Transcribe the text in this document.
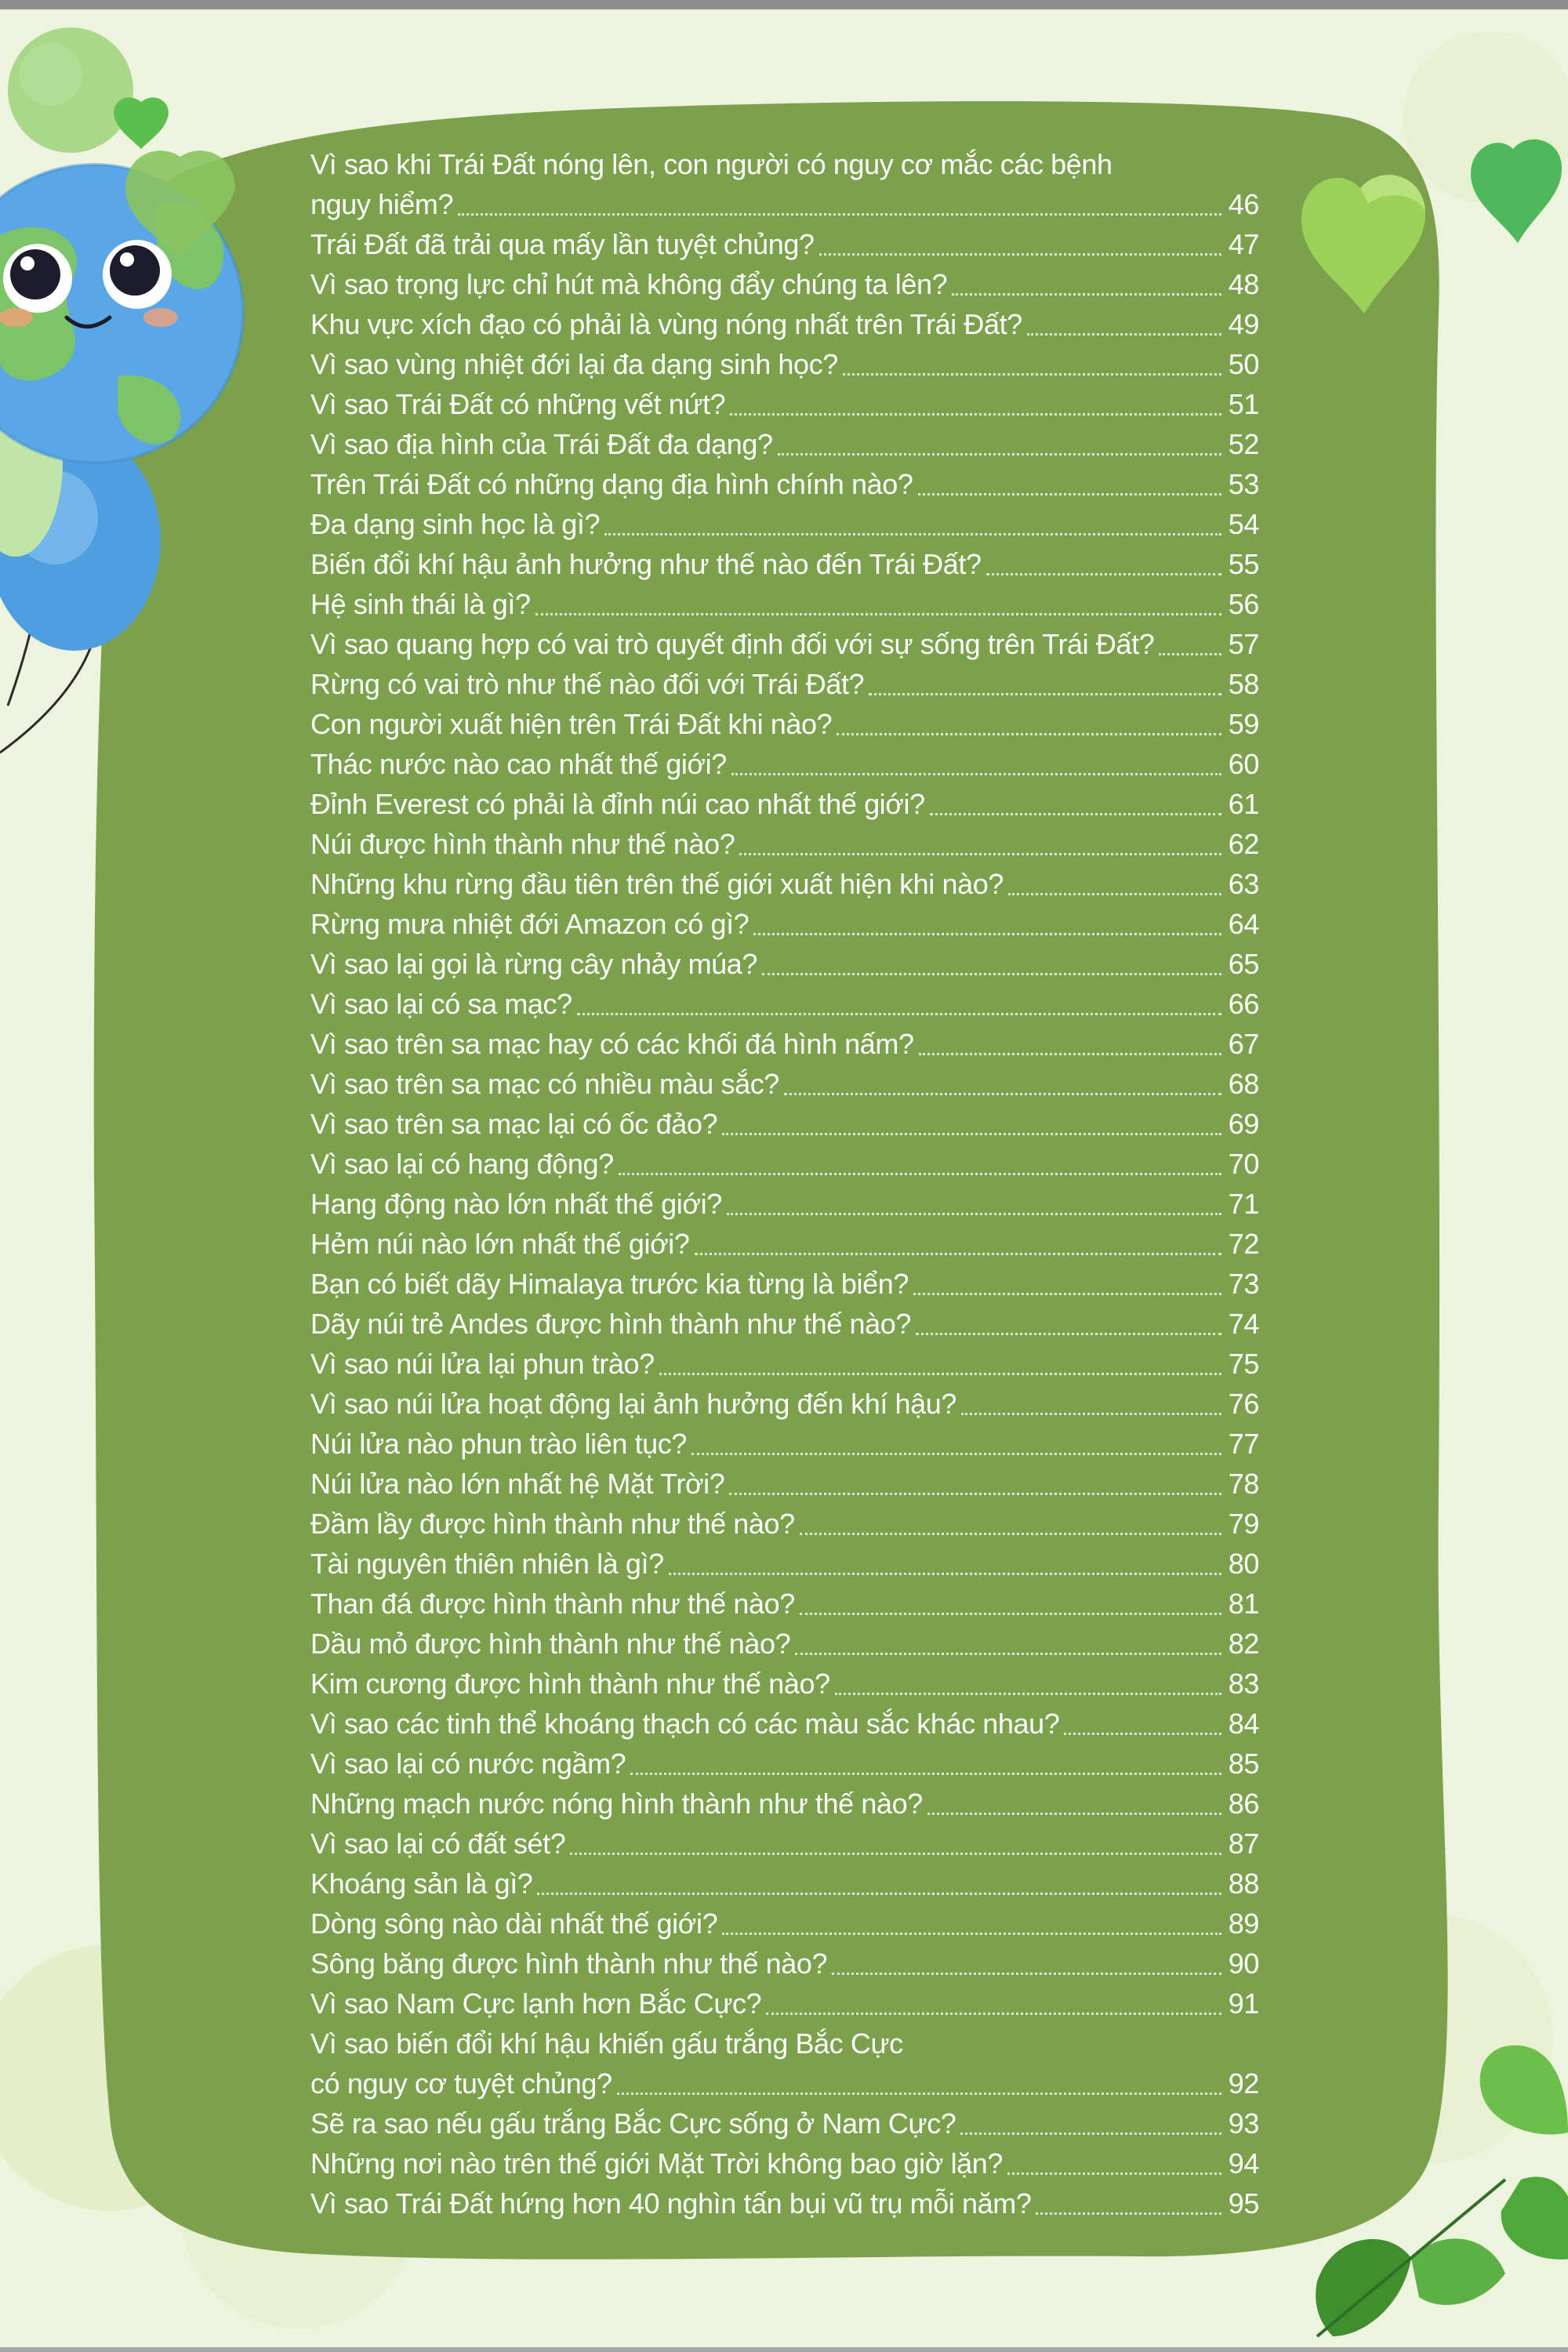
Vì sao khi Trái Đất nóng lên, con người có nguy cơ mắc các bệnh
nguy hiểm?	46
Trái Đất đã trải qua mấy lần tuyệt chủng?	47
Vì sao trọng lực chỉ hút mà không đẩy chúng ta lên?	48
Khu vực xích đạo có phải là vùng nóng nhất trên Trái Đất?	49
Vì sao vùng nhiệt đới lại đa dạng sinh học?	50
Vì sao Trái Đất có những vết nứt?	51
Vì sao địa hình của Trái Đất đa dạng?	52
Trên Trái Đất có những dạng địa hình chính nào?	53
Đa dạng sinh học là gì?	54
Biến đổi khí hậu ảnh hưởng như thế nào đến Trái Đất?	55
Hệ sinh thái là gì?	56
Vì sao quang hợp có vai trò quyết định đối với sự sống trên Trái Đất?	57
Rừng có vai trò như thế nào đối với Trái Đất?	58
Con người xuất hiện trên Trái Đất khi nào?	59
Thác nước nào cao nhất thế giới?	60
Đỉnh Everest có phải là đỉnh núi cao nhất thế giới?	61
Núi được hình thành như thế nào?	62
Những khu rừng đầu tiên trên thế giới xuất hiện khi nào?	63
Rừng mưa nhiệt đới Amazon có gì?	64
Vì sao lại gọi là rừng cây nhảy múa?	65
Vì sao lại có sa mạc?	66
Vì sao trên sa mạc hay có các khối đá hình nấm?	67
Vì sao trên sa mạc có nhiều màu sắc?	68
Vì sao trên sa mạc lại có ốc đảo?	69
Vì sao lại có hang động?	70
Hang động nào lớn nhất thế giới?	71
Hẻm núi nào lớn nhất thế giới?	72
Bạn có biết dãy Himalaya trước kia từng là biển?	73
Dãy núi trẻ Andes được hình thành như thế nào?	74
Vì sao núi lửa lại phun trào?	75
Vì sao núi lửa hoạt động lại ảnh hưởng đến khí hậu?	76
Núi lửa nào phun trào liên tục?	77
Núi lửa nào lớn nhất hệ Mặt Trời?	78
Đầm lầy được hình thành như thế nào?	79
Tài nguyên thiên nhiên là gì?	80
Than đá được hình thành như thế nào?	81
Dầu mỏ được hình thành như thế nào?	82
Kim cương được hình thành như thế nào?	83
Vì sao các tinh thể khoáng thạch có các màu sắc khác nhau?	84
Vì sao lại có nước ngầm?	85
Những mạch nước nóng hình thành như thế nào?	86
Vì sao lại có đất sét?	87
Khoáng sản là gì?	88
Dòng sông nào dài nhất thế giới?	89
Sông băng được hình thành như thế nào?	90
Vì sao Nam Cực lạnh hơn Bắc Cực?	91
Vì sao biến đổi khí hậu khiến gấu trắng Bắc Cực
có nguy cơ tuyệt chủng?	92
Sẽ ra sao nếu gấu trắng Bắc Cực sống ở Nam Cực?	93
Những nơi nào trên thế giới Mặt Trời không bao giờ lặn?	94
Vì sao Trái Đất hứng hơn 40 nghìn tấn bụi vũ trụ mỗi năm?	95
